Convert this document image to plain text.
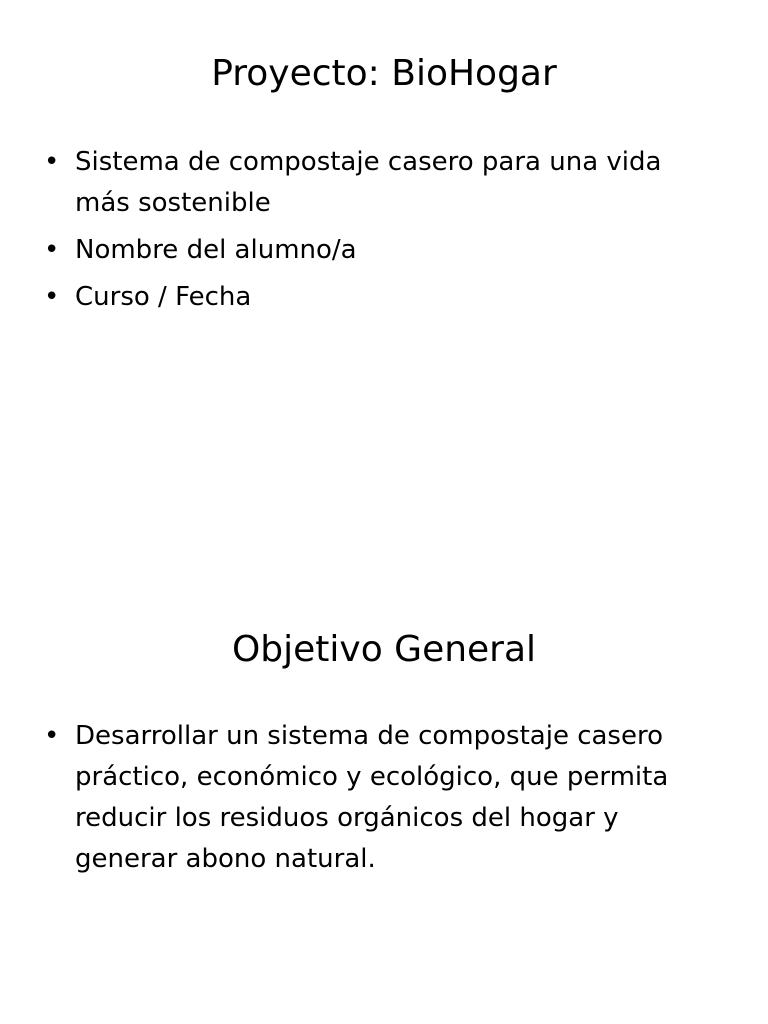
Proyecto: BioHogar
• Sistema de compostaje casero para una vida más sostenible
• Nombre del alumno/a
• Curso / Fecha
Objetivo General
• Desarrollar un sistema de compostaje casero práctico, económico y ecológico, que permita reducir los residuos orgánicos del hogar y generar abono natural.
